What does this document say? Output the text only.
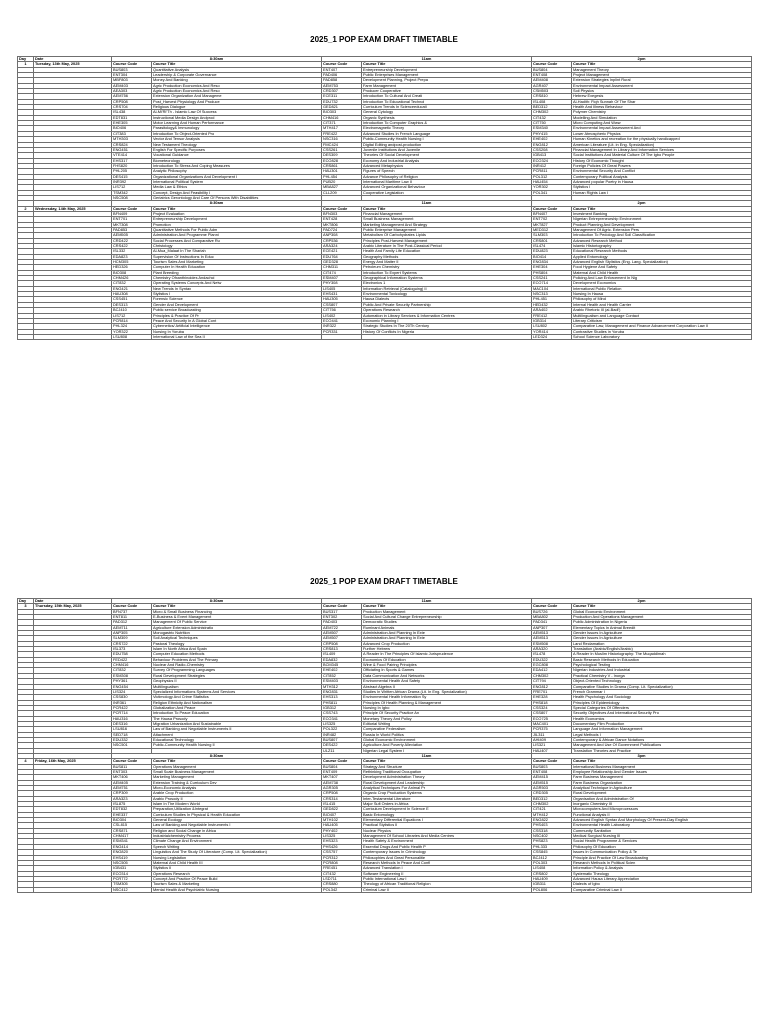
2025_1 POP EXAM DRAFT TIMETABLE
Day	Date	8:30am		11am		2pm	
1	Tuesday, 13th May, 2025	Course Code	Course Title	Course Code	Course Title	Course Code	Course Title
		BUS803	Quantitative Analysis	ENT407	Entrepreneurship Development	BUS804	Management Theory
		ENT304	Leadership & Corporate Governance	PAD406	Public Enterprises Management	ENT408	Project Management
		MBF803	Money And Banking	PAD858	Development Planning, Project Prepa	AEM408	Extension Strategies Inplint Rural
		AEM403	Agric Production Economics And Reso	AEM753	Farm Management	AGR407	Environmental Impact Assessment
		AEA303	Agric Production Economics And Reso	CRD307	Producer Cooperative	CSM503	Soil Physics
		AEM756	Extension Organization And Manageme	ECE311	Introduction To Cultural And Creati	CRS810	Hebrew Exegesis
		CRP508	Post_Harvest Physiology And Produce	EDU732	Introduction To Educational Technol	ISL408	Al-Hadith: Fiqh Sunnah Of The Shar
		CRS704	Religious Dialogue	GED821	Curriculum Trends In Scienceeducati	BED312	Health And Illness Behaviour
		ISL438	Al-Mi'RI'Th - Islamic Law Of Success	BIO303	General Cytology	CHM302	Polymer Chemistry
		EDT831	Instructional Media Design Andprod	CHM416	Organic Synthesis	CIT432	Modelling And Simulation
		EHE305	Motor Learning And Human Performance	CIT371	Introduction To Computer Graphics &	CIT750	Micro Computing And Www
		BIO406	Parasitology& Immunology	MTH417	Electromagnetic Theory	ESM340	Environmental Impact Assessment And
		CIT383	Introduction To Object-Oriented Pro	FRE422	Advanced Studies In French Language	PHY415	Lower Atmospheric Physics
		MTH303	Vector And Tensor Analysis	NSC316	Public-Community Health Nursing I	EHE402	Human Kinetics and recreation for the physically handicapped
		CRS824	New Testament Theology	FMC424	Digital Editing andpost-production	ENG812	American Literature (Lit. in Eng. Specialization)
		ENG451	English For Specific Purposes	CSS261	Juvenile Institutions And Juvenile	CSS208	Financial Management In Library And Information Services
		VTE414	Vocational Guidance	DES309	Theories Of Social Development	IGB413	Social Institutions And Material Culture Of The Igbo People
		EHS317	Biometeorology	ECO828	Economy And Industrial Analysis	ECO324	History Of Economic Thought
		FHS820	Introduction To Stress And Coping Measures	CRS861	Advanced Metaphysics	INR412	Foreign Policies Of Great Powers
		PHL205	Analytic Philosophy	HAU301	Figures of Speech	PCR811	Environmental Security And Conflict
		DES415	Organizational Organizations And Development I	PHL454	Advance Philosophy of Religion	POL312	Contemporary Political Analysis
		INR392	International Political System	PUB20	International Maritime Law II	HAU454	Advanced popular Poetry in Hausa
		LIS712	Media Law & Ethics	MBA827	Advanced Organizational Behaviour	YOR302	Stylistics I
		TSM342	Concept, Design And Feasibility I	CLL209	Cooperative Legislation	POL341	Human Rights Law I
		NSC508	Geriatrics Gerontology And Care Of Persons With Disabilities				
		8:30am		11am		2pm	
2	Wednesday, 14th May, 2025	Course Code	Course Title	Course Code	Course Title	Course Code	Course Title
		BFN409	Project Evaluation	BFN303	Financial Management	BFN407	Investment Banking
		ENT701	Entrepreneurship Development	ENT428	Small Business Management	ENT702	Nigerian Entrepreneurship Environment
		MKT308	Promotion	MKT806	Marketing Management And Strategy	MKT827	Product Planning And Development
		PAD853	Quantitative Methods For Public Adm	PAD724	Public Enterprise Management	MED312	Management Of Agric. Extension Pers
		AEM505	Administration And Programme Planni	ANP308	Metabolism Of Carbohydrates Lipids	SLM303	Introduction To Pedology And Soil Classification
		CRD422	Social Processes And Comparative Ru	CRP536	Principles Post-Harvest Management	CRS801	Advanced Research Method
		CRS422	Christology	ARA324	Arabic Literature In The Post-Classical Period	ISL474	Islamic Historiography
		ISL332	Al-Mua_Malaat In The Shariah	ECE421	Health And Family Life Education	EDU823	Educational Research Methods
		EDA823	Supervision Of Instructions In Educ	EDU764	Geography Methods	BIO414	Applied Entomology
		HCM305	Tourism Sales And Marketing	GED328	Energy And Matter II	ENG834	Advanced English Stylistics (Eng. Lang. Specialization)
		HED326	Computer In Health Education	CHM311	Petroleum Chemistry	EHE304	Food Hygiene And Safety
		BIO308	Plant Breeding	CIT474	Introduction To Expert Systems	PHS804	Maternal And Child Health
		CHM426	Chemistry Ofxanthinoides Andachci	ESM407	Geographical Information Systems	CSS241	Policing And Law Enforcement In Nig
		CIT832	Operating Systems Concepts And Netw	PHY308	Electronics 1	ECO714	Development Economics
		ENG421	New Trends In Syntax	LIS405	Information Retrieval (Cataloguing) II	MAC104	International Public Relation
		HAU308	Stylistics I	EHS431	Environmental Toxicology	NSC313	Nursing In Hausa
		CSS451	Forensic Science	HAU305	Hausa Dialects	PHL451	Philosophy of Mind
		DES313	Gender And Development	CSS807	Public And Private Security Partnership	HED432	Internal Health and Health Carrier
		BCJ410	Public service Broadcasting	CIT756	Operations Research	ARA402	Arabic Rhetoric III (al-Badi')
		LIS712	Principles & Practice Of Pr	LIS402	Automation in Library Services & Information Centres	FRE412	Multilingualism and Language Contact
		PCR814	Peace And Security In A Global Cont	ECO441	Economic Planning I	IGB314	Literary Criticism
		PHL324	Cybernetics/ Artificial Intelligence	INR322	Strategic Studies In The 20Th Century	LSU802	Comparative Law, Management and Finance Advancement Corporation Law II
		YOR322	Nursing In Yoruba	PCR331	History Of Conflicts In Nigeria	YOR414	Contrastive Studies in Yoruba
		LSU808	International Law of the Sea II			LED324	School Science Laboratory
2025_1 POP EXAM DRAFT TIMETABLE
Day	Date	8:30am		11am		2pm	
3	Thursday, 15th May, 2025	Course Code	Course Title	Course Code	Course Title	Course Code	Course Title
		BFN737	Micro & Small Business Financing	BUS317	Production Management	BUS726	Global Economic Environment
		ENT811	E-Business & Event Management	ENT302	Social And Cultural Change Entrepreneurship	MBA802	Production And Operations Management
		PAD312	Management Of Public Service	PAD403	Democratic Studies	PAD341	Public Administration In Nigeria
		AEM711	Agriculture Extension Administratio	AEM722	Ruminant Animals	ANP307	Elementary Topics In Animal Breedit
		ANP305	Monogastric Nutrition	AEM507	Administration And Planning In Exte	AEM513	Gender Issues In Agriculture
		SLM309	Soil Analytical Techniques	AEM507	Administration And Planning In Exte	AEM513	Gender Issues In Agriculture
		CRS722	Pastoral Theology	CRP508	Advanced Crop Production	ESM508	Land Reclamation
		ISL373	Islam In North Africa And Spain	CRS813	Further Hebrew	ARA320	Translation (Arabic/English/Arabic)
		EDU758	Computer Education Methods	ISL409	A Reader In The Principles Of Islamic Jurisprudence	ISL478	A Reader In Muslim Historiography: The Muqaddimah
		FED422	Behaviour Problems And The Primary	EDA832	Economics Of Education	EDU322	Basic Research Methods In Education
		CHM416	Nuclear And Radio-Chemistry	BCM345	Wine & Food Pairing Principles	EGC808	Psychological Testing
		CIT832	Survey Of Programming Languages	EHE402	Officiating In Sports & Games	EDA412	Nigerian Industries And Industrial
		ESM308	Rural Development Strategies	CIT852	Data Communication And Networks	CHM302	Practical Chemistry V - Inorga
		PHY361	Geophysics II	ESM403	Environmental Health And Safety	CIT794	Object-Oriented Technology
		ENG454	Multilingualism	MTH312	Abstract Algebra II	ENG812	Comparative Studies In Drama (Comp. Lit. Specialization)
		LIS324	Specialized Informations Systems And Services	ENG831	Studies In Written African Drama (Lit. In Eng. Specialization)	FRE701	French Grammar I
		CSS830	Victimology And Crime Statistics	EHS313	Environmental Health Information Sy	EHE328	Health Psychology And Sociology
		INR361	Religion Ethnicity And Nationalism	PHS811	Principles Of Health Planning & Management	PHS818	Principles Of Epidemiology
		PCR422	Globalization And Peace	IGB312	Nursing In Igbo	CSS324	Special Categories Of Offenders
		PCR714	Introduction To Peace Education	CSS743	Principle Of Security Practice An	CSS807	Security Objectives And International Security Pro
		HAU316	The Hausa Prosody	ECO341	Monetary Theory And Policy	ECO725	Health Economics
		DES316	Migration Urbanization And Sustainable	LIS325	Editorial Writing	MAC401	Documentary Film Production
		LSU816	Law of Banking and Negotiable Instruments II	POL322	Comparative Federalism	PCR375	Language And Information Management
		SED718	Attachment	INR482	Russia In World Politics	JIL311	Legal Methods I
		EDU332	Educational Technology	BUS807	Global Economic Environment	AHI409	Contemporary & African Dance Notations
		NSC501	Public-Community Health Nursing II	DES422	Agriculture And Poverty Alleviation	LIS321	Management And Use Of Government Publications
				ULZ11	Nigerian Legal System I	HAU407	Translation Theories and Practice
		8:30am		11am		3pm	
4	Friday, 16th May, 2025	Course Code	Course Title	Course Code	Course Title	Course Code	Course Title
		BUS811	Operations Management	BUS804	Strategy And Structure	BUS803	International Business Management
		ENT303	Small Scale Business Management	ENT409	Rethinking Traditional Occupation	ENT408	Employee Relationship And Gender Issues
		MKT406	Marketing Management	MKT407	Development Administration Theory	AEM415	Farm Business Management
		AEM405	Extension Training & Curriculum Dev	AEM738	Rural Development And Leadership	AEM515	Farm Business Organization
		AEM751	Micro-Economic Analysis	AGR305	Analytical Techniques For Animal Pr	AGR503	Analytical Technique in Agriculture
		CRP309	Arable Crop Production	CRP508	Organic Crop Production Systems	CRD305	Rural Development
		ARA323	Arabic Prosody II	CRS314	Inter-Testamental Literature	BED312	Organisation And Administration Of
		ISL875	Islam In The Modern World	ISL415	Major Sufi Orders in Africa	CHM302	Inorganic Chemistry III
		EDT832	Preparation,Utilization &Integrat	GED822	Curriculum Development In Science E	CIT421	Microcomputers And Microprocessors
		EHE337	Curriculum Studies In Physical & Health Education	BIO407	Basic Entomology	MTH412	Functional Analysis II
		BIO304	General Ecology	MTH102	Elementary Differential Equations I	ENG822	Advanced English Syntax And Morphology Of Present-Day English
		CSL815	Law of Banking and Negotiable Instruments I	HAU405	Practical Stylistics II	PHS403	Environmental Health Laboratory
		CRS871	Religion and Social Change in Africa	PHY402	Nuclear Physics	CSS318	Community Sanitation
		CHM417	Industrialchemistry Process	LIS325	Management Of School Libraries And Media Centres	NSC402	Medical Surgical Nursing III
		ESM341	Climate Change And Environment	EHS323	Health Safety & Environment	PHS823	Social Health Programme & Services
		ENG414	Speech Writing	PHS426	Essential Drugs And Public Health P	PHL333	Philosophy Of Education
		ENG820	Linguistics And The Study Of Literature (Comp. Lit. Specialization)	CSS757	Contemporary Issues In Criminology	CSS845	Issues In Communication Policy & Te
		EHS419	Nursing Legislation	PCR312	Philosophies And Great Personalitie	BCJ412	Principle And Practice Of Law Broadcasting
		NSC505	Maternal And Child Health III	PCR808	Research Methods In Peace And Confl	POL303	Research Methods In Political Scien
		IGB431	Stylistics II	FRE451	Advanced Translation I	LIS408	Information Policy & Analysis
		ECO314	Operations Research	CIT432	Software Engineering II	CRS802	Systematic Theology
		PCR772	Concept And Practice Of Peace Build	LSD711	Public International Law I	HAU409	Advanced Hausa Literary Appreciation
		TSM305	Tourism Sales & Marketing	CRS880	Theology of African Traditional Religion	IGB311	Dialects of Igbo
		NSC412	Mental Health And Psychiatric Nursing	POL342	Criminal Law II	POL806	Comparative Criminal Law II
